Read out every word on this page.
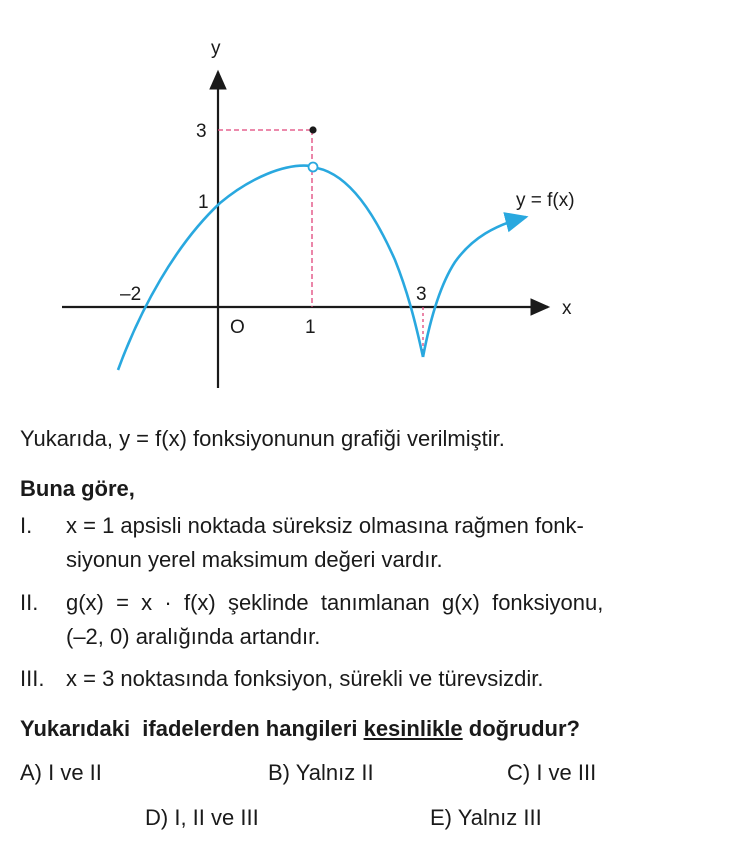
y
x
O
–2
1
3
3
1	y = f(x)
Yukarıda, y = f(x) fonksiyonunun grafiği verilmiştir.
Buna göre,
I. x = 1 apsisli noktada süreksiz olmasına rağmen fonk-
siyonun yerel maksimum değeri vardır.
II. g(x)  =  x  ·  f(x)  şeklinde  tanımlanan  g(x)  fonksiyonu,
(–2, 0) aralığında artandır.
III. x = 3 noktasında fonksiyon, sürekli ve türevsizdir.
Yukarıdaki  ifadelerden hangileri kesinlikle doğrudur?
A) I ve II	B) Yalnız II	C) I ve III
D) I, II ve III	E) Yalnız III
